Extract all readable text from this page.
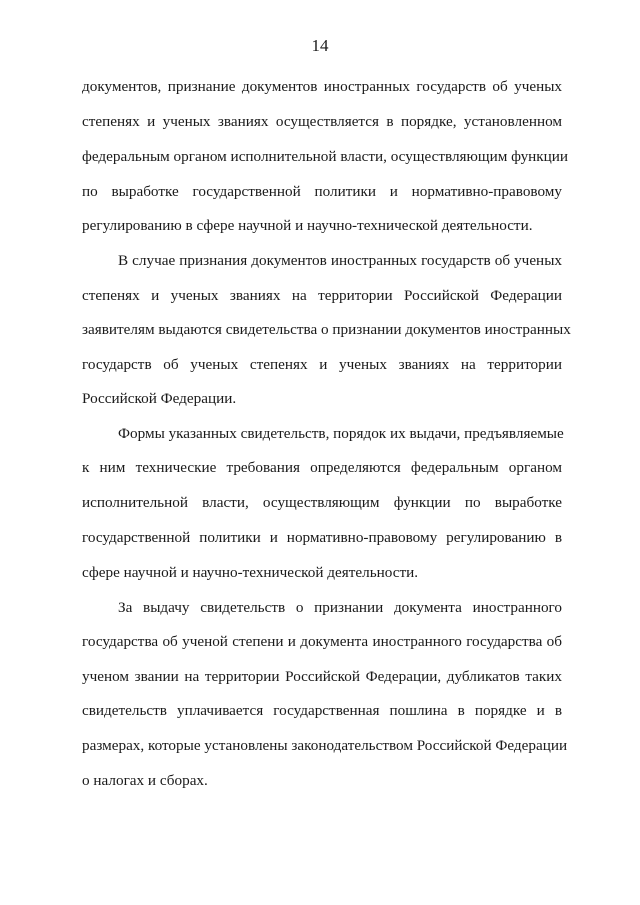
14
документов, признание документов иностранных государств об ученых
степенях и ученых званиях осуществляется в порядке, установленном
федеральным органом исполнительной власти, осуществляющим функции
по выработке государственной политики и нормативно-правовому
регулированию в сфере научной и научно-технической деятельности.
В случае признания документов иностранных государств об ученых
степенях и ученых званиях на территории Российской Федерации
заявителям выдаются свидетельства о признании документов иностранных
государств об ученых степенях и ученых званиях на территории
Российской Федерации.
Формы указанных свидетельств, порядок их выдачи, предъявляемые
к ним технические требования определяются федеральным органом
исполнительной власти, осуществляющим функции по выработке
государственной политики и нормативно-правовому регулированию в
сфере научной и научно-технической деятельности.
За выдачу свидетельств о признании документа иностранного
государства об ученой степени и документа иностранного государства об
ученом звании на территории Российской Федерации, дубликатов таких
свидетельств уплачивается государственная пошлина в порядке и в
размерах, которые установлены законодательством Российской Федерации
о налогах и сборах.
